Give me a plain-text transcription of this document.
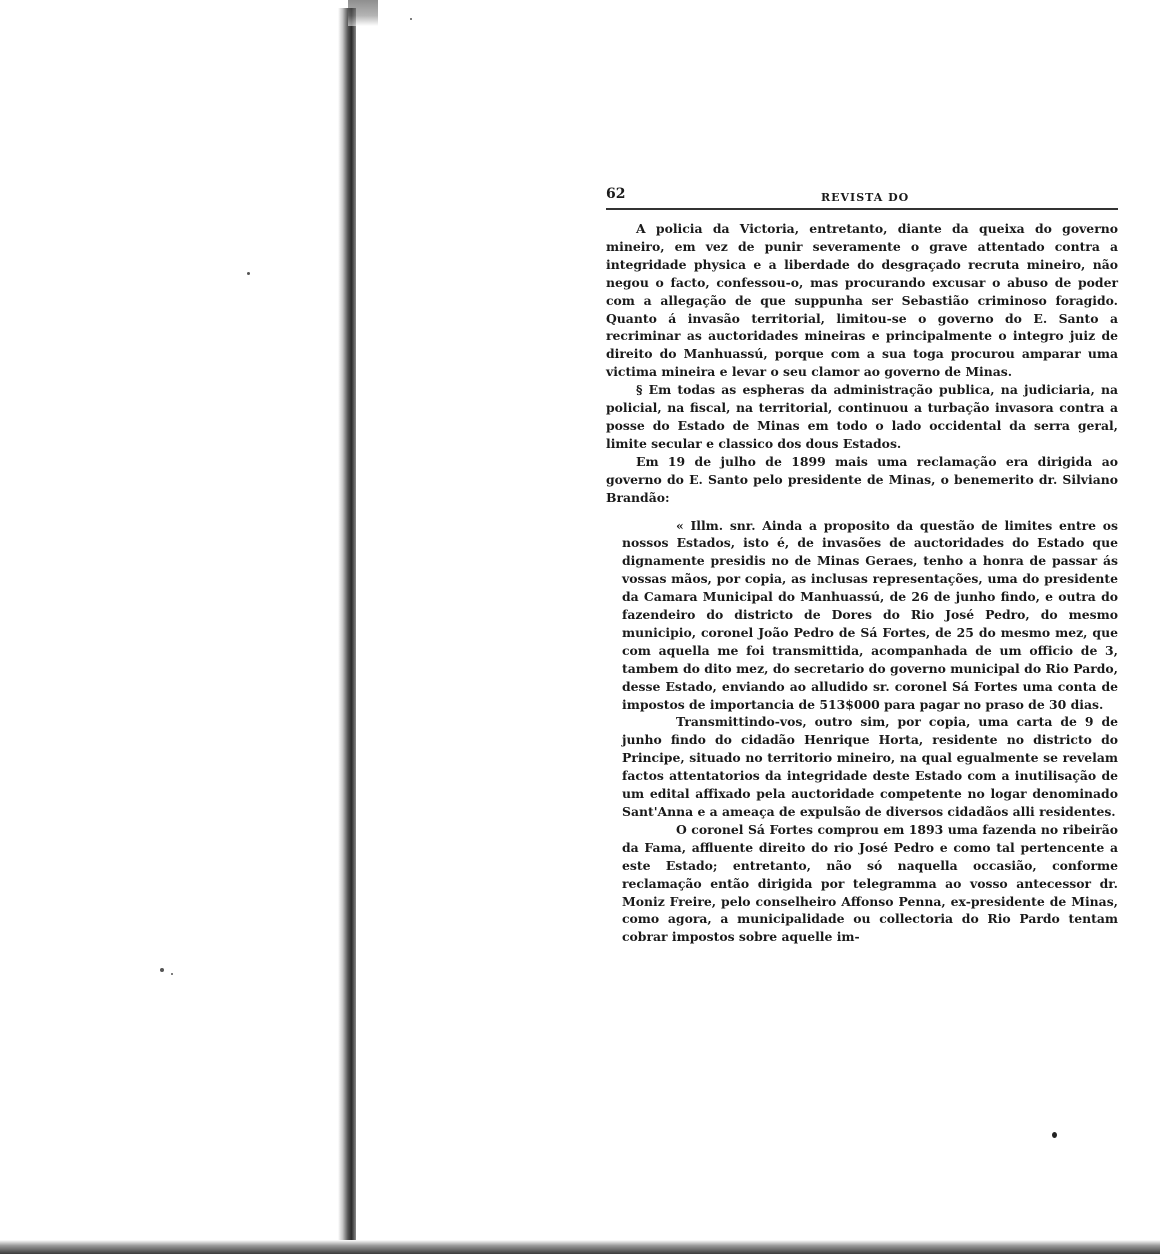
62	REVISTA DO

A policia da Victoria, entretanto, diante da queixa do governo mineiro, em vez de punir severamente o grave attentado contra a integridade physica e a liberdade do desgraçado recruta mineiro, não negou o facto, confessou-o, mas procurando excusar o abuso de poder com a allegação de que suppunha ser Sebastião criminoso foragido. Quanto á invasão territorial, limitou-se o governo do E. Santo a recriminar as auctoridades mineiras e principalmente o integro juiz de direito do Manhuassú, porque com a sua toga procurou amparar uma victima mineira e levar o seu clamor ao governo de Minas.

§ Em todas as espheras da administração publica, na judiciaria, na policial, na fiscal, na territorial, continuou a turbação invasora contra a posse do Estado de Minas em todo o lado occidental da serra geral, limite secular e classico dos dous Estados.

Em 19 de julho de 1899 mais uma reclamação era dirigida ao governo do E. Santo pelo presidente de Minas, o benemerito dr. Silviano Brandão:

« Illm. snr. Ainda a proposito da questão de limites entre os nossos Estados, isto é, de invasões de auctoridades do Estado que dignamente presidis no de Minas Geraes, tenho a honra de passar ás vossas mãos, por copia, as inclusas representações, uma do presidente da Camara Municipal do Manhuassú, de 26 de junho findo, e outra do fazendeiro do districto de Dores do Rio José Pedro, do mesmo municipio, coronel João Pedro de Sá Fortes, de 25 do mesmo mez, que com aquella me foi transmittida, acompanhada de um officio de 3, tambem do dito mez, do secretario do governo municipal do Rio Pardo, desse Estado, enviando ao alludido sr. coronel Sá Fortes uma conta de impostos de importancia de 513$000 para pagar no praso de 30 dias.

Transmittindo-vos, outro sim, por copia, uma carta de 9 de junho findo do cidadão Henrique Horta, residente no districto do Principe, situado no territorio mineiro, na qual egualmente se revelam factos attentatorios da integridade deste Estado com a inutilisação de um edital affixado pela auctoridade competente no logar denominado Sant'Anna e a ameaça de expulsão de diversos cidadãos alli residentes.

O coronel Sá Fortes comprou em 1893 uma fazenda no ribeirão da Fama, affluente direito do rio José Pedro e como tal pertencente a este Estado; entretanto, não só naquella occasião, conforme reclamação então dirigida por telegramma ao vosso antecessor dr. Moniz Freire, pelo conselheiro Affonso Penna, ex-presidente de Minas, como agora, a municipalidade ou collectoria do Rio Pardo tentam cobrar impostos sobre aquelle im-
